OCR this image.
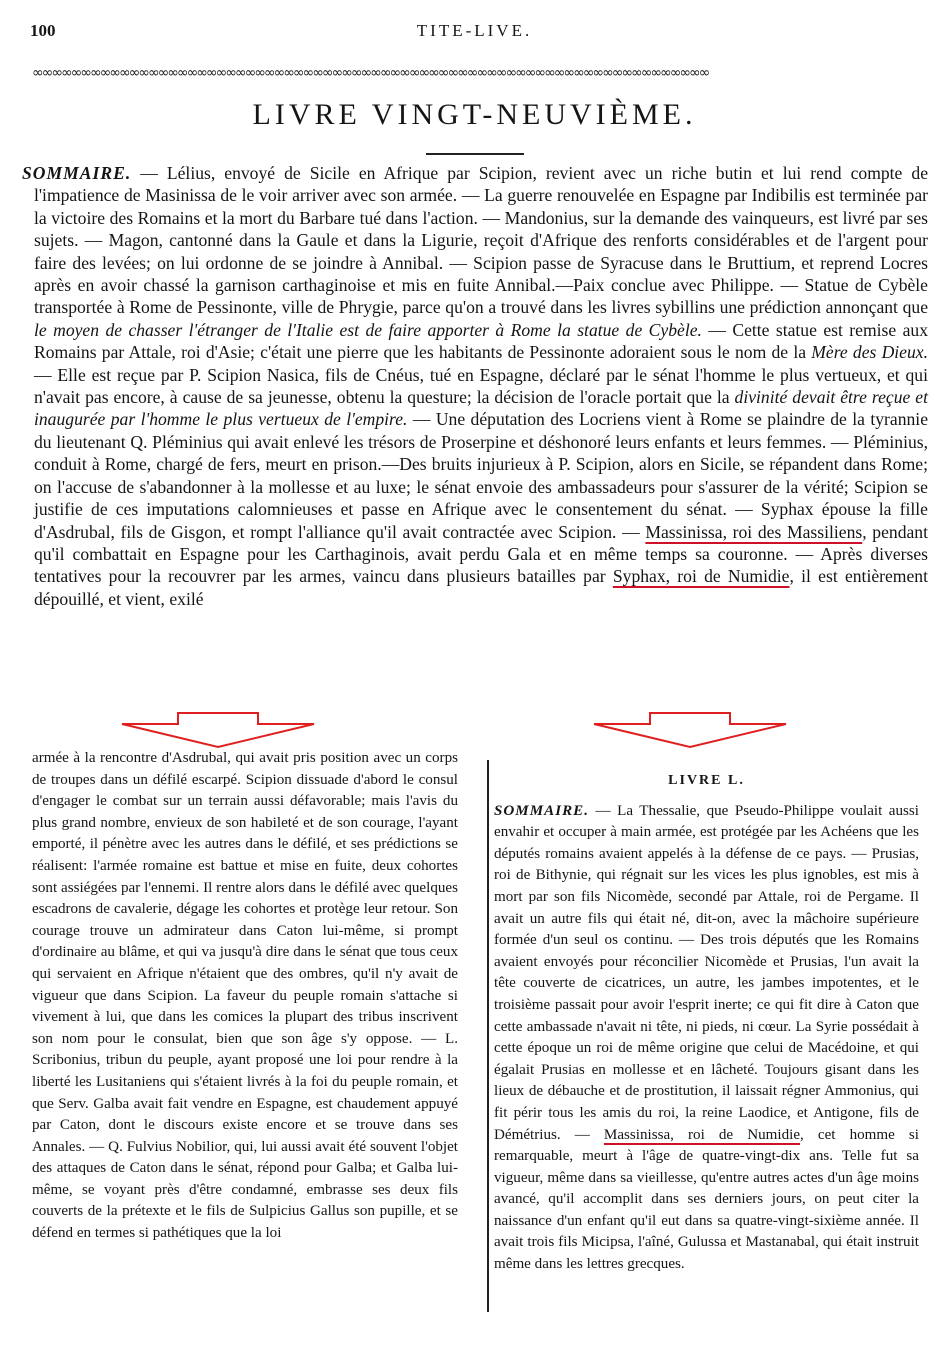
100	TITE-LIVE.
∞∞∞∞∞∞∞∞∞∞∞∞∞∞∞∞∞∞∞∞∞∞∞∞∞∞∞∞∞∞∞∞∞∞∞∞∞∞∞∞∞∞∞∞∞∞∞∞∞∞∞∞∞∞∞∞∞∞∞∞∞∞∞∞∞∞∞∞∞∞
LIVRE VINGT-NEUVIÈME.

SOMMAIRE. — Lélius, envoyé de Sicile en Afrique par Scipion, revient avec un riche butin et lui rend compte de l'impatience de Masinissa de le voir arriver avec son armée. — La guerre renouvelée en Espagne par Indibilis est terminée par la victoire des Romains et la mort du Barbare tué dans l'action. — Mandonius, sur la demande des vainqueurs, est livré par ses sujets. — Magon, cantonné dans la Gaule et dans la Ligurie, reçoit d'Afrique des renforts considérables et de l'argent pour faire des levées; on lui ordonne de se joindre à Annibal. — Scipion passe de Syracuse dans le Bruttium, et reprend Locres après en avoir chassé la garnison carthaginoise et mis en fuite Annibal.—Paix conclue avec Philippe. — Statue de Cybèle transportée à Rome de Pessinonte, ville de Phrygie, parce qu'on a trouvé dans les livres sybillins une prédiction annonçant que le moyen de chasser l'étranger de l'Italie est de faire apporter à Rome la statue de Cybèle. — Cette statue est remise aux Romains par Attale, roi d'Asie; c'était une pierre que les habitants de Pessinonte adoraient sous le nom de la Mère des Dieux. — Elle est reçue par P. Scipion Nasica, fils de Cnéus, tué en Espagne, déclaré par le sénat l'homme le plus vertueux, et qui n'avait pas encore, à cause de sa jeunesse, obtenu la questure; la décision de l'oracle portait que la divinité devait être reçue et inaugurée par l'homme le plus vertueux de l'empire. — Une députation des Locriens vient à Rome se plaindre de la tyrannie du lieutenant Q. Pléminius qui avait enlevé les trésors de Proserpine et déshonoré leurs enfants et leurs femmes. — Pléminius, conduit à Rome, chargé de fers, meurt en prison.—Des bruits injurieux à P. Scipion, alors en Sicile, se répandent dans Rome; on l'accuse de s'abandonner à la mollesse et au luxe; le sénat envoie des ambassadeurs pour s'assurer de la vérité; Scipion se justifie de ces imputations calomnieuses et passe en Afrique avec le consentement du sénat. — Syphax épouse la fille d'Asdrubal, fils de Gisgon, et rompt l'alliance qu'il avait contractée avec Scipion. — Massinissa, roi des Massiliens, pendant qu'il combattait en Espagne pour les Carthaginois, avait perdu Gala et en même temps sa couronne. — Après diverses tentatives pour la recouvrer par les armes, vaincu dans plusieurs batailles par Syphax, roi de Numidie, il est entièrement dépouillé, et vient, exilé

armée à la rencontre d'Asdrubal, qui avait pris position avec un corps de troupes dans un défilé escarpé. Scipion dissuade d'abord le consul d'engager le combat sur un terrain aussi défavorable; mais l'avis du plus grand nombre, envieux de son habileté et de son courage, l'ayant emporté, il pénètre avec les autres dans le défilé, et ses prédictions se réalisent: l'armée romaine est battue et mise en fuite, deux cohortes sont assiégées par l'ennemi. Il rentre alors dans le défilé avec quelques escadrons de cavalerie, dégage les cohortes et protège leur retour. Son courage trouve un admirateur dans Caton lui-même, si prompt d'ordinaire au blâme, et qui va jusqu'à dire dans le sénat que tous ceux qui servaient en Afrique n'étaient que des ombres, qu'il n'y avait de vigueur que dans Scipion. La faveur du peuple romain s'attache si vivement à lui, que dans les comices la plupart des tribus inscrivent son nom pour le consulat, bien que son âge s'y oppose. — L. Scribonius, tribun du peuple, ayant proposé une loi pour rendre à la liberté les Lusitaniens qui s'étaient livrés à la foi du peuple romain, et que Serv. Galba avait fait vendre en Espagne, est chaudement appuyé par Caton, dont le discours existe encore et se trouve dans ses Annales. — Q. Fulvius Nobilior, qui, lui aussi avait été souvent l'objet des attaques de Caton dans le sénat, répond pour Galba; et Galba lui-même, se voyant près d'être condamné, embrasse ses deux fils couverts de la prétexte et le fils de Sulpicius Gallus son pupille, et se défend en termes si pathétiques que la loi

LIVRE L.

SOMMAIRE. — La Thessalie, que Pseudo-Philippe voulait aussi envahir et occuper à main armée, est protégée par les Achéens que les députés romains avaient appelés à la défense de ce pays. — Prusias, roi de Bithynie, qui régnait sur les vices les plus ignobles, est mis à mort par son fils Nicomède, secondé par Attale, roi de Pergame. Il avait un autre fils qui était né, dit-on, avec la mâchoire supérieure formée d'un seul os continu. — Des trois députés que les Romains avaient envoyés pour réconcilier Nicomède et Prusias, l'un avait la tête couverte de cicatrices, un autre, les jambes impotentes, et le troisième passait pour avoir l'esprit inerte; ce qui fit dire à Caton que cette ambassade n'avait ni tête, ni pieds, ni cœur. La Syrie possédait à cette époque un roi de même origine que celui de Macédoine, et qui égalait Prusias en mollesse et en lâcheté. Toujours gisant dans les lieux de débauche et de prostitution, il laissait régner Ammonius, qui fit périr tous les amis du roi, la reine Laodice, et Antigone, fils de Démétrius. — Massinissa, roi de Numidie, cet homme si remarquable, meurt à l'âge de quatre-vingt-dix ans. Telle fut sa vigueur, même dans sa vieillesse, qu'entre autres actes d'un âge moins avancé, qu'il accomplit dans ses derniers jours, on peut citer la naissance d'un enfant qu'il eut dans sa quatre-vingt-sixième année. Il avait trois fils Micipsa, l'aîné, Gulussa et Mastanabal, qui était instruit même dans les lettres grecques.
